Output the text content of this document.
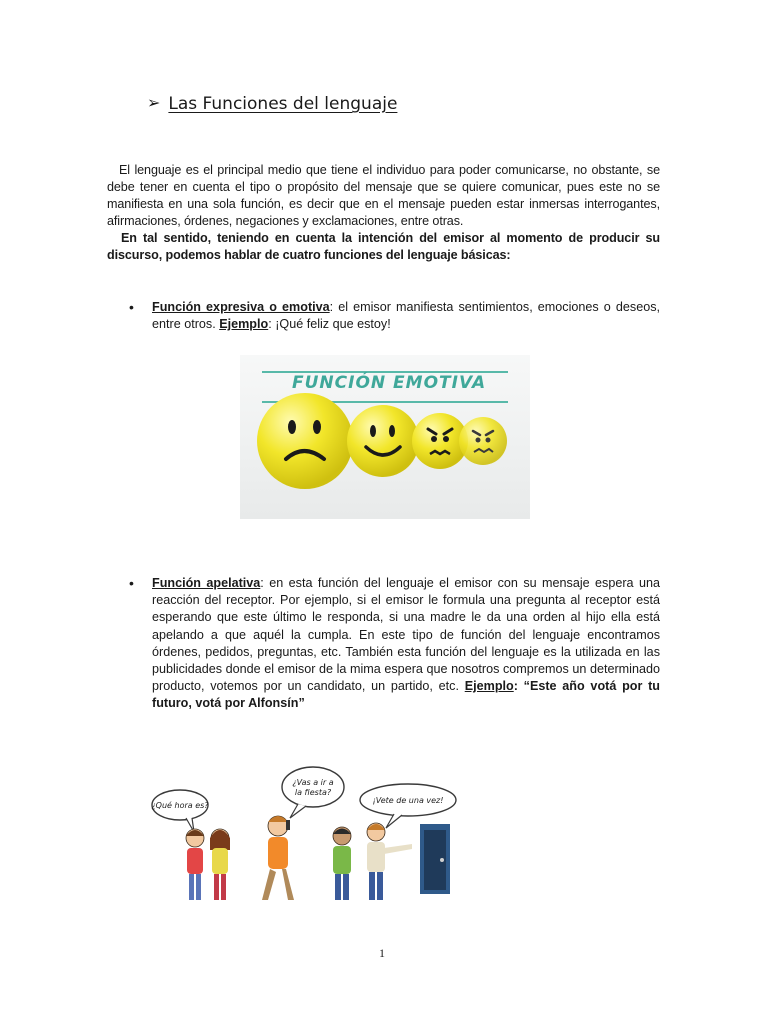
➢ Las Funciones del lenguaje
El lenguaje es el principal medio que tiene el individuo para poder comunicarse, no obstante, se debe tener en cuenta el tipo o propósito del mensaje que se quiere comunicar, pues este no se manifiesta en una sola función, es decir que en el mensaje pueden estar inmersas interrogantes, afirmaciones, órdenes, negaciones y exclamaciones, entre otras.
En tal sentido, teniendo en cuenta la intención del emisor al momento de producir su discurso, podemos hablar de cuatro funciones del lenguaje básicas:
• Función expresiva o emotiva: el emisor manifiesta sentimientos, emociones o deseos, entre otros. Ejemplo: ¡Qué feliz que estoy!
FUNCIÓN EMOTIVA
• Función apelativa: en esta función del lenguaje el emisor con su mensaje espera una reacción del receptor. Por ejemplo, si el emisor le formula una pregunta al receptor está esperando que este último le responda, si una madre le da una orden al hijo ella está apelando a que aquél la cumpla. En este tipo de función del lenguaje encontramos órdenes, pedidos, preguntas, etc. También esta función del lenguaje es la utilizada en las publicidades donde el emisor de la mima espera que nosotros compremos un determinado producto, votemos por un candidato, un partido, etc. Ejemplo: “Este año votá por tu futuro, votá por Alfonsín”
¿Qué hora es?
¿Vas a ir a
la fiesta?
¡Vete de una vez!
1
